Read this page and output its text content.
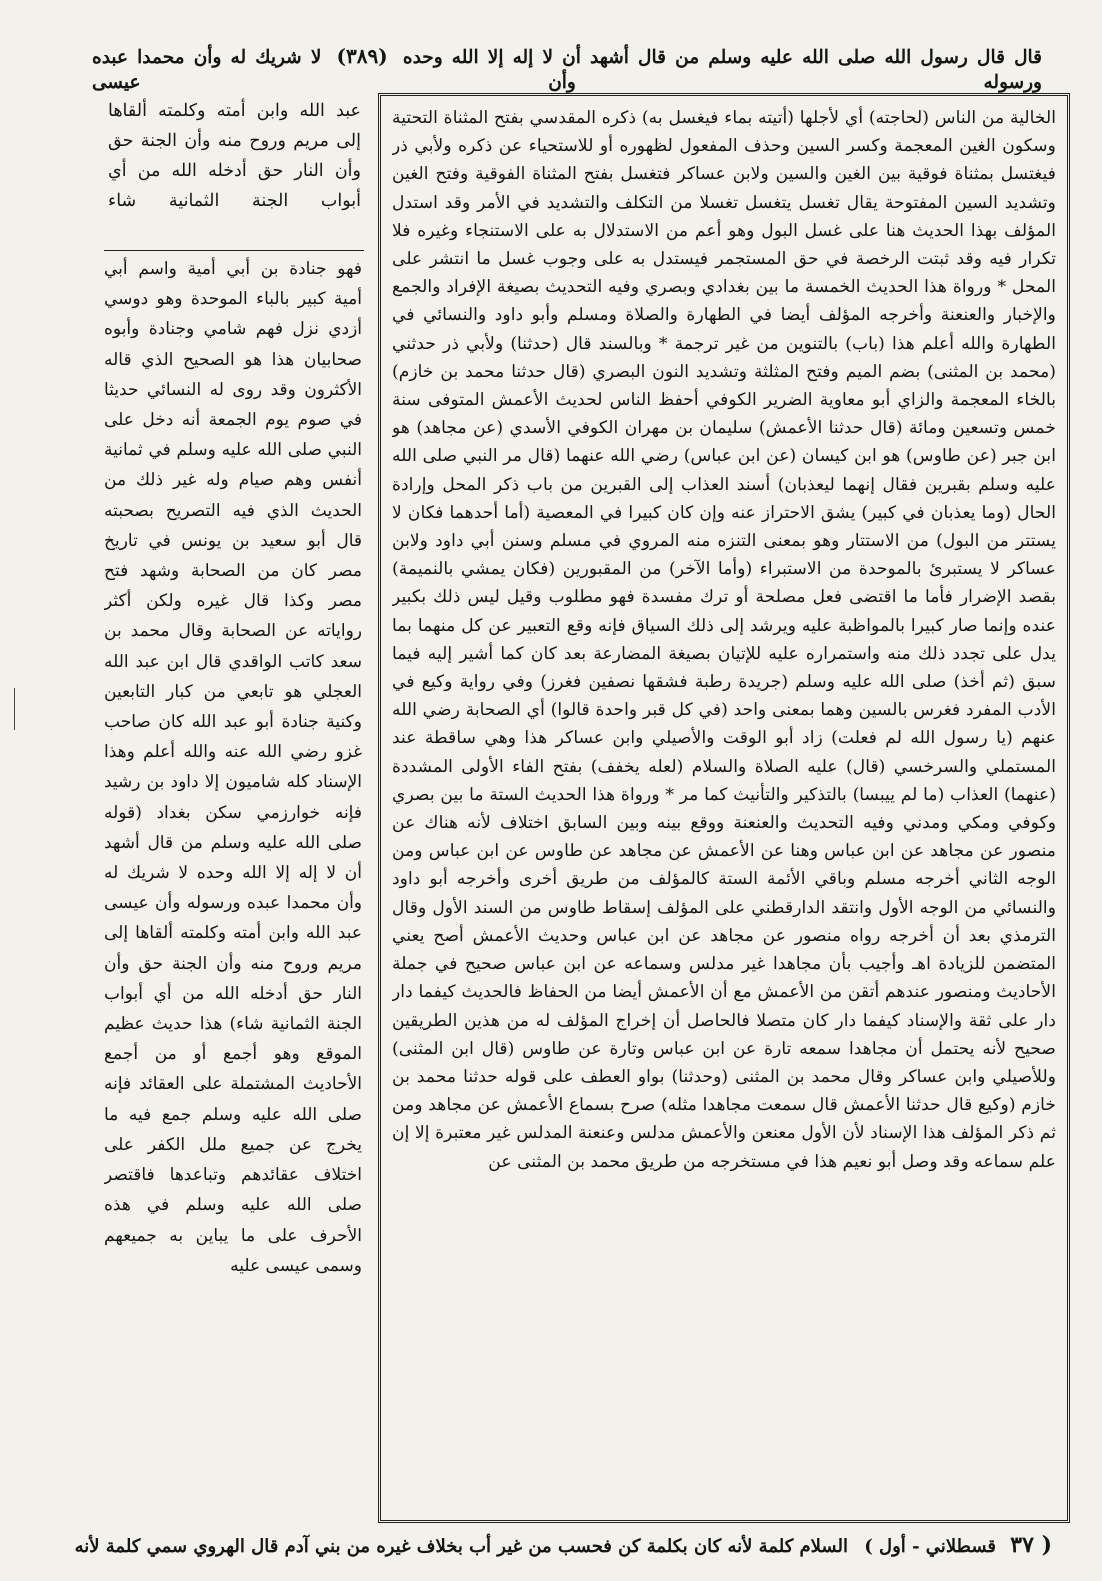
قال قال رسول الله صلى الله عليه وسلم من قال أشهد أن لا إله إلا الله وحده (٣٨٩) لا شريك له وأن محمدا عبده ورسوله وأن عيسى
الخالية من الناس (لحاجته) أي لأجلها (أتيته بماء فيغسل به) ذكره المقدسي بفتح المثناة التحتية وسكون الغين المعجمة وكسر السين وحذف المفعول لظهوره أو للاستحياء عن ذكره ولأبي ذر فيغتسل بمثناة فوقية بين الغين والسين ولابن عساكر فتغسل بفتح المثناة الفوقية وفتح الغين وتشديد السين المفتوحة يقال تغسل يتغسل تغسلا من التكلف والتشديد في الأمر وقد استدل المؤلف بهذا الحديث هنا على غسل البول وهو أعم من الاستدلال به على الاستنجاء وغيره فلا تكرار فيه وقد ثبتت الرخصة في حق المستجمر فيستدل به على وجوب غسل ما انتشر على المحل * ورواة هذا الحديث الخمسة ما بين بغدادي وبصري وفيه التحديث بصيغة الإفراد والجمع والإخبار والعنعنة وأخرجه المؤلف أيضا في الطهارة والصلاة ومسلم وأبو داود والنسائي في الطهارة والله أعلم هذا (باب) بالتنوين من غير ترجمة * وبالسند قال (حدثنا) ولأبي ذر حدثني (محمد بن المثنى) بضم الميم وفتح المثلثة وتشديد النون البصري (قال حدثنا محمد بن خازم) بالخاء المعجمة والزاي أبو معاوية الضرير الكوفي أحفظ الناس لحديث الأعمش المتوفى سنة خمس وتسعين ومائة (قال حدثنا الأعمش) سليمان بن مهران الكوفي الأسدي (عن مجاهد) هو ابن جبر (عن طاوس) هو ابن كيسان (عن ابن عباس) رضي الله عنهما (قال مر النبي صلى الله عليه وسلم بقبرين فقال إنهما ليعذبان) أسند العذاب إلى القبرين من باب ذكر المحل وإرادة الحال (وما يعذبان في كبير) يشق الاحتراز عنه وإن كان كبيرا في المعصية (أما أحدهما فكان لا يستتر من البول) من الاستتار وهو بمعنى التنزه منه المروي في مسلم وسنن أبي داود ولابن عساكر لا يستبرئ بالموحدة من الاستبراء (وأما الآخر) من المقبورين (فكان يمشي بالنميمة) بقصد الإضرار فأما ما اقتضى فعل مصلحة أو ترك مفسدة فهو مطلوب وقيل ليس ذلك بكبير عنده وإنما صار كبيرا بالمواظبة عليه ويرشد إلى ذلك السياق فإنه وقع التعبير عن كل منهما بما يدل على تجدد ذلك منه واستمراره عليه للإتيان بصيغة المضارعة بعد كان كما أشير إليه فيما سبق (ثم أخذ) صلى الله عليه وسلم (جريدة رطبة فشقها نصفين فغرز) وفي رواية وكيع في الأدب المفرد فغرس بالسين وهما بمعنى واحد (في كل قبر واحدة قالوا) أي الصحابة رضي الله عنهم (يا رسول الله لم فعلت) زاد أبو الوقت والأصيلي وابن عساكر هذا وهي ساقطة عند المستملي والسرخسي (قال) عليه الصلاة والسلام (لعله يخفف) بفتح الفاء الأولى المشددة (عنهما) العذاب (ما لم ييبسا) بالتذكير والتأنيث كما مر * ورواة هذا الحديث الستة ما بين بصري وكوفي ومكي ومدني وفيه التحديث والعنعنة ووقع بينه وبين السابق اختلاف لأنه هناك عن منصور عن مجاهد عن ابن عباس وهنا عن الأعمش عن مجاهد عن طاوس عن ابن عباس ومن الوجه الثاني أخرجه مسلم وباقي الأئمة الستة كالمؤلف من طريق أخرى وأخرجه أبو داود والنسائي من الوجه الأول وانتقد الدارقطني على المؤلف إسقاط طاوس من السند الأول وقال الترمذي بعد أن أخرجه رواه منصور عن مجاهد عن ابن عباس وحديث الأعمش أصح يعني المتضمن للزيادة اهـ وأجيب بأن مجاهدا غير مدلس وسماعه عن ابن عباس صحيح في جملة الأحاديث ومنصور عندهم أتقن من الأعمش مع أن الأعمش أيضا من الحفاظ فالحديث كيفما دار دار على ثقة والإسناد كيفما دار كان متصلا فالحاصل أن إخراج المؤلف له من هذين الطريقين صحيح لأنه يحتمل أن مجاهدا سمعه تارة عن ابن عباس وتارة عن طاوس (قال ابن المثنى) وللأصيلي وابن عساكر وقال محمد بن المثنى (وحدثنا) بواو العطف على قوله حدثنا محمد بن خازم (وكيع قال حدثنا الأعمش قال سمعت مجاهدا مثله) صرح بسماع الأعمش عن مجاهد ومن ثم ذكر المؤلف هذا الإسناد لأن الأول معنعن والأعمش مدلس وعنعنة المدلس غير معتبرة إلا إن علم سماعه وقد وصل أبو نعيم هذا في مستخرجه من طريق محمد بن المثنى عن
عبد الله وابن أمته وكلمته ألقاها إلى مريم وروح منه وأن الجنة حق وأن النار حق أدخله الله من أي أبواب الجنة الثمانية شاء
فهو جنادة بن أبي أمية واسم أبي أمية كبير بالباء الموحدة وهو دوسي أزدي نزل فهم شامي وجنادة وأبوه صحابيان هذا هو الصحيح الذي قاله الأكثرون وقد روى له النسائي حديثا في صوم يوم الجمعة أنه دخل على النبي صلى الله عليه وسلم في ثمانية أنفس وهم صيام وله غير ذلك من الحديث الذي فيه التصريح بصحبته قال أبو سعيد بن يونس في تاريخ مصر كان من الصحابة وشهد فتح مصر وكذا قال غيره ولكن أكثر رواياته عن الصحابة وقال محمد بن سعد كاتب الواقدي قال ابن عبد الله العجلي هو تابعي من كبار التابعين وكنية جنادة أبو عبد الله كان صاحب غزو رضي الله عنه والله أعلم وهذا الإسناد كله شاميون إلا داود بن رشيد فإنه خوارزمي سكن بغداد (قوله صلى الله عليه وسلم من قال أشهد أن لا إله إلا الله وحده لا شريك له وأن محمدا عبده ورسوله وأن عيسى عبد الله وابن أمته وكلمته ألقاها إلى مريم وروح منه وأن الجنة حق وأن النار حق أدخله الله من أي أبواب الجنة الثمانية شاء) هذا حديث عظيم الموقع وهو أجمع أو من أجمع الأحاديث المشتملة على العقائد فإنه صلى الله عليه وسلم جمع فيه ما يخرج عن جميع ملل الكفر على اختلاف عقائدهم وتباعدها فاقتصر صلى الله عليه وسلم في هذه الأحرف على ما يباين به جميعهم وسمى عيسى عليه
( ٣٧ قسطلاني - أول ) السلام كلمة لأنه كان بكلمة كن فحسب من غير أب بخلاف غيره من بني آدم قال الهروي سمي كلمة لأنه
